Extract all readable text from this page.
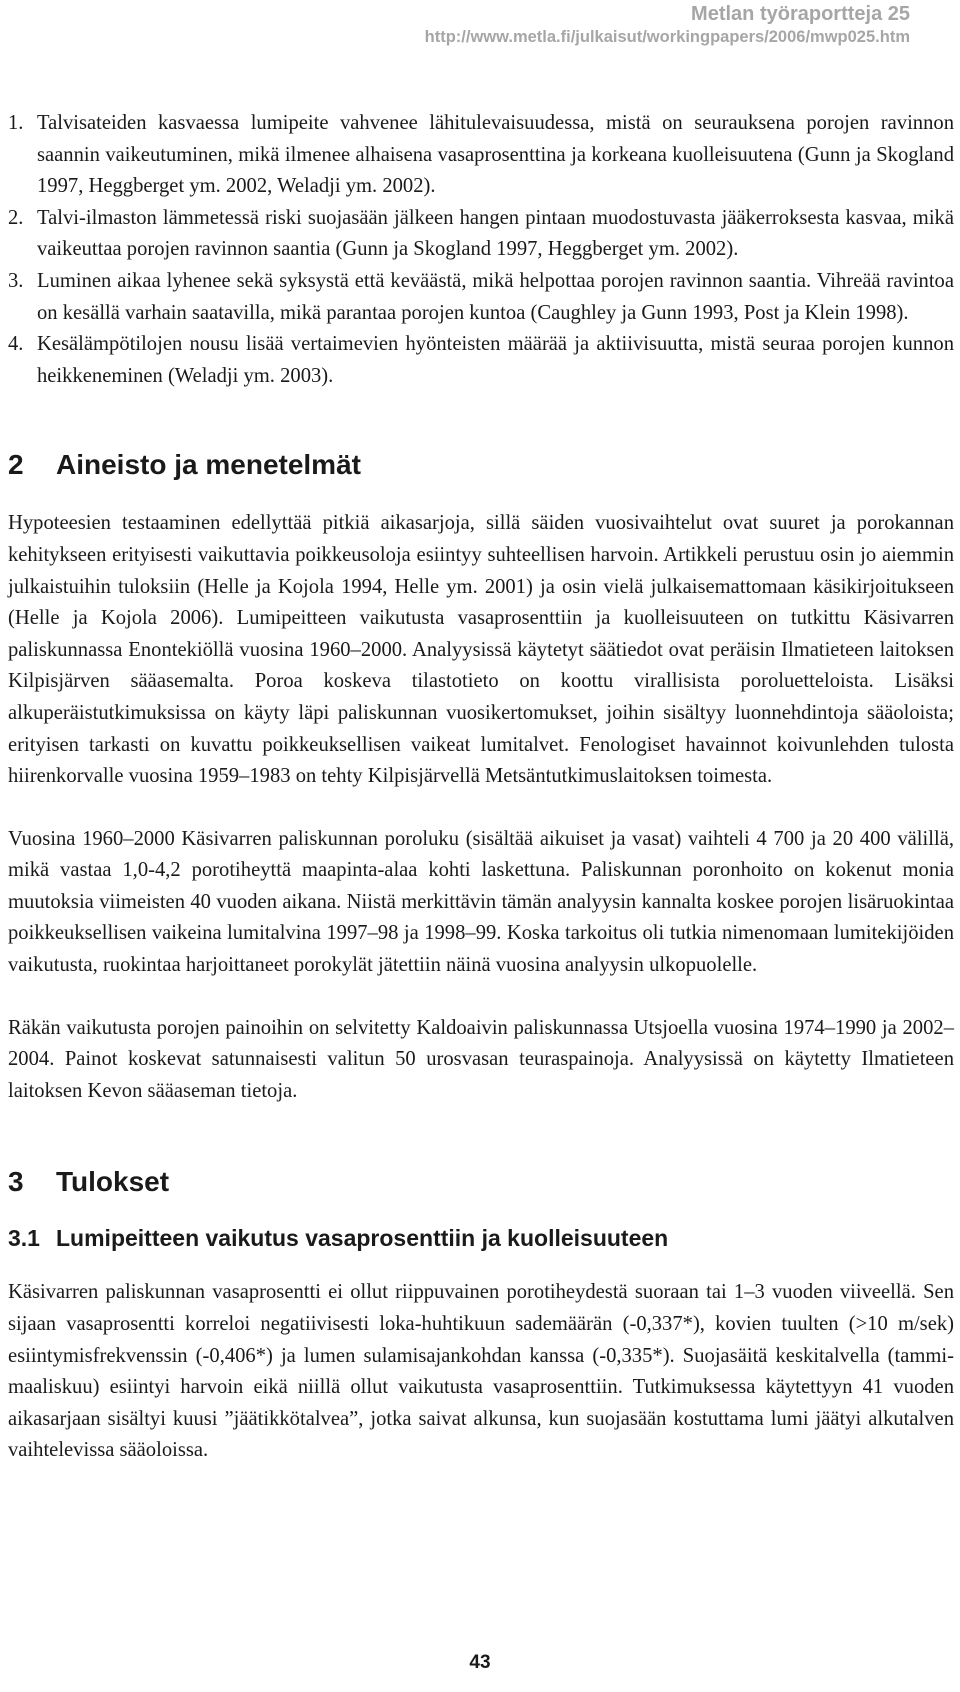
Metlan työraportteja 25
http://www.metla.fi/julkaisut/workingpapers/2006/mwp025.htm
1. Talvisateiden kasvaessa lumipeite vahvenee lähitulevaisuudessa, mistä on seurauksena porojen ravinnon saannin vaikeutuminen, mikä ilmenee alhaisena vasaprosenttina ja korkeana kuolleisuutena (Gunn ja Skogland 1997, Heggberget ym. 2002, Weladji ym. 2002).
2. Talvi-ilmaston lämmetessä riski suojasään jälkeen hangen pintaan muodostuvasta jääkerroksesta kasvaa, mikä vaikeuttaa porojen ravinnon saantia (Gunn ja Skogland 1997, Heggberget ym. 2002).
3. Luminen aikaa lyhenee sekä syksystä että keväästä, mikä helpottaa porojen ravinnon saantia. Vihreää ravintoa on kesällä varhain saatavilla, mikä parantaa porojen kuntoa (Caughley ja Gunn 1993, Post ja Klein 1998).
4. Kesälämpötilojen nousu lisää vertaimevien hyönteisten määrää ja aktiivisuutta, mistä seuraa porojen kunnon heikkeneminen (Weladji ym. 2003).
2 Aineisto ja menetelmät

Hypoteesien testaaminen edellyttää pitkiä aikasarjoja, sillä säiden vuosivaihtelut ovat suuret ja porokannan kehitykseen erityisesti vaikuttavia poikkeusoloja esiintyy suhteellisen harvoin. Artikkeli perustuu osin jo aiemmin julkaistuihin tuloksiin (Helle ja Kojola 1994, Helle ym. 2001) ja osin vielä julkaisemattomaan käsikirjoitukseen (Helle ja Kojola 2006). Lumipeitteen vaikutusta vasaprosenttiin ja kuolleisuuteen on tutkittu Käsivarren paliskunnassa Enontekiöllä vuosina 1960–2000. Analyysissä käytetyt säätiedot ovat peräisin Ilmatieteen laitoksen Kilpisjärven sääasemalta. Poroa koskeva tilastotieto on koottu virallisista poroluetteloista. Lisäksi alkuperäistutkimuksissa on käyty läpi paliskunnan vuosikertomukset, joihin sisältyy luonnehdintoja sääoloista; erityisen tarkasti on kuvattu poikkeuksellisen vaikeat lumitalvet. Fenologiset havainnot koivunlehden tulosta hiirenkorvalle vuosina 1959–1983 on tehty Kilpisjärvellä Metsäntutkimuslaitoksen toimesta.

Vuosina 1960–2000 Käsivarren paliskunnan poroluku (sisältää aikuiset ja vasat) vaihteli 4 700 ja 20 400 välillä, mikä vastaa 1,0-4,2 porotiheyttä maapinta-alaa kohti laskettuna. Paliskunnan poronhoito on kokenut monia muutoksia viimeisten 40 vuoden aikana. Niistä merkittävin tämän analyysin kannalta koskee porojen lisäruokintaa poikkeuksellisen vaikeina lumitalvina 1997–98 ja 1998–99. Koska tarkoitus oli tutkia nimenomaan lumitekijöiden vaikutusta, ruokintaa harjoittaneet porokylät jätettiin näinä vuosina analyysin ulkopuolelle.

Räkän vaikutusta porojen painoihin on selvitetty Kaldoaivin paliskunnassa Utsjoella vuosina 1974–1990 ja 2002–2004. Painot koskevat satunnaisesti valitun 50 urosvasan teuraspainoja. Analyysissä on käytetty Ilmatieteen laitoksen Kevon sääaseman tietoja.

3 Tulokset
3.1 Lumipeitteen vaikutus vasaprosenttiin ja kuolleisuuteen

Käsivarren paliskunnan vasaprosentti ei ollut riippuvainen porotiheydestä suoraan tai 1–3 vuoden viiveellä. Sen sijaan vasaprosentti korreloi negatiivisesti loka-huhtikuun sademäärän (-0,337*), kovien tuulten (>10 m/sek) esiintymisfrekvenssin (-0,406*) ja lumen sulamisajankohdan kanssa (-0,335*). Suojasäitä keskitalvella (tammi-maaliskuu) esiintyi harvoin eikä niillä ollut vaikutusta vasaprosenttiin. Tutkimuksessa käytettyyn 41 vuoden aikasarjaan sisältyi kuusi ”jäätikkötalvea”, jotka saivat alkunsa, kun suojasään kostuttama lumi jäätyi alkutalven vaihtelevissa sääoloissa.

43
